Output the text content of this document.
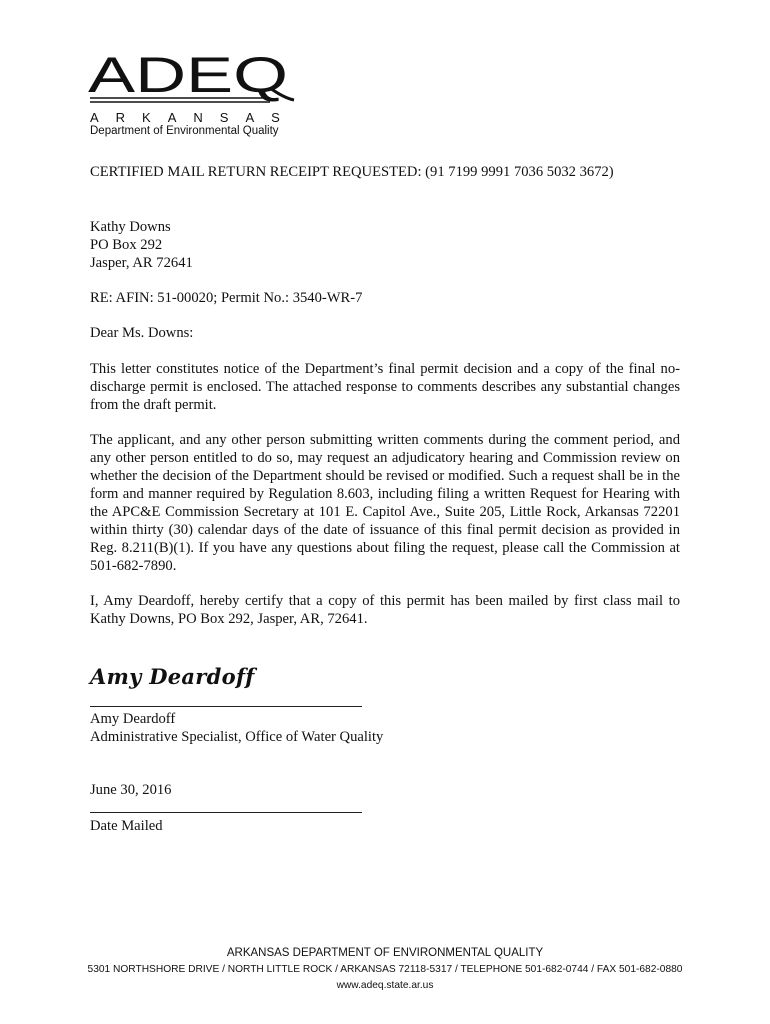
ADEQ
ARKANSAS
Department of Environmental Quality
CERTIFIED MAIL RETURN RECEIPT REQUESTED: (91 7199 9991 7036 5032 3672)
Kathy Downs
PO Box 292
Jasper, AR 72641
RE: AFIN: 51-00020; Permit No.: 3540-WR-7
Dear Ms. Downs:
This letter constitutes notice of the Department’s final permit decision and a copy of the final no-discharge permit is enclosed. The attached response to comments describes any substantial changes from the draft permit.
The applicant, and any other person submitting written comments during the comment period, and any other person entitled to do so, may request an adjudicatory hearing and Commission review on whether the decision of the Department should be revised or modified. Such a request shall be in the form and manner required by Regulation 8.603, including filing a written Request for Hearing with the APC&E Commission Secretary at 101 E. Capitol Ave., Suite 205, Little Rock, Arkansas 72201 within thirty (30) calendar days of the date of issuance of this final permit decision as provided in Reg. 8.211(B)(1). If you have any questions about filing the request, please call the Commission at 501-682-7890.
I, Amy Deardoff, hereby certify that a copy of this permit has been mailed by first class mail to Kathy Downs, PO Box 292, Jasper, AR, 72641.
Amy Deardoff
Amy Deardoff
Administrative Specialist, Office of Water Quality
June 30, 2016
Date Mailed
ARKANSAS DEPARTMENT OF ENVIRONMENTAL QUALITY
5301 NORTHSHORE DRIVE / NORTH LITTLE ROCK / ARKANSAS 72118-5317 / TELEPHONE 501-682-0744 / FAX 501-682-0880
www.adeq.state.ar.us
